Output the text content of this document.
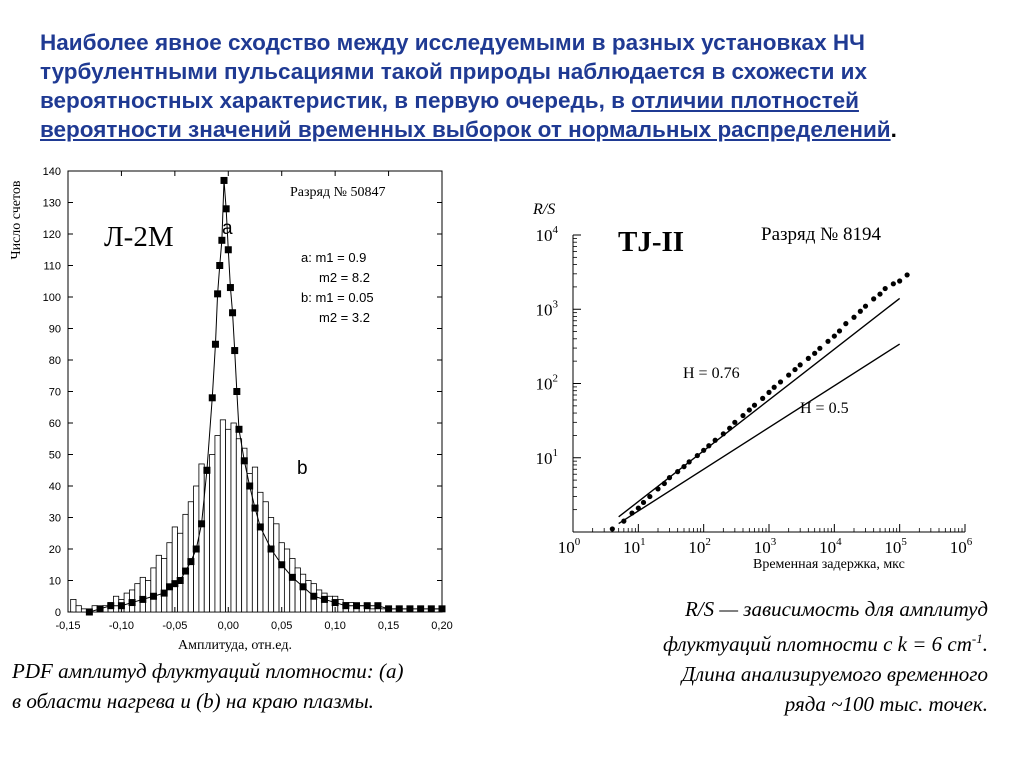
Наиболее явное сходство между исследуемыми в разных установках НЧ турбулентными пульсациями такой природы наблюдается в схожести их вероятностных характеристик, в первую очередь, в отличии плотностей вероятности значений временных выборок от нормальных распределений.
0
10
20
30
40
50
60
70
80
90
100
110
120
130
140
-0,15	-0,10	-0,05	0,00	0,05	0,10	0,15	0,20
Число счетов
Амплитуда, отн.ед.
Л-2М
Разряд № 50847
a: m1 = 0.9
m2 = 8.2
b: m1 = 0.05
m2 = 3.2
a
b
$10^0$	$10^1$	$10^2$	$10^3$	$10^4$	$10^5$	$10^6$
$10^1$
$10^2$
$10^3$
$10^4$
R/S
Временная задержка, мкс
TJ-II	Разряд № 8194
H = 0.76
H = 0.5
PDF амплитуд флуктуаций плотности: (a)
в области нагрева и (b) на краю плазмы.
R/S — зависимость для амплитуд
флуктуаций плотности с k = 6 $cm^{-1}$.
Длина анализируемого временного
ряда ~100 тыс. точек.
